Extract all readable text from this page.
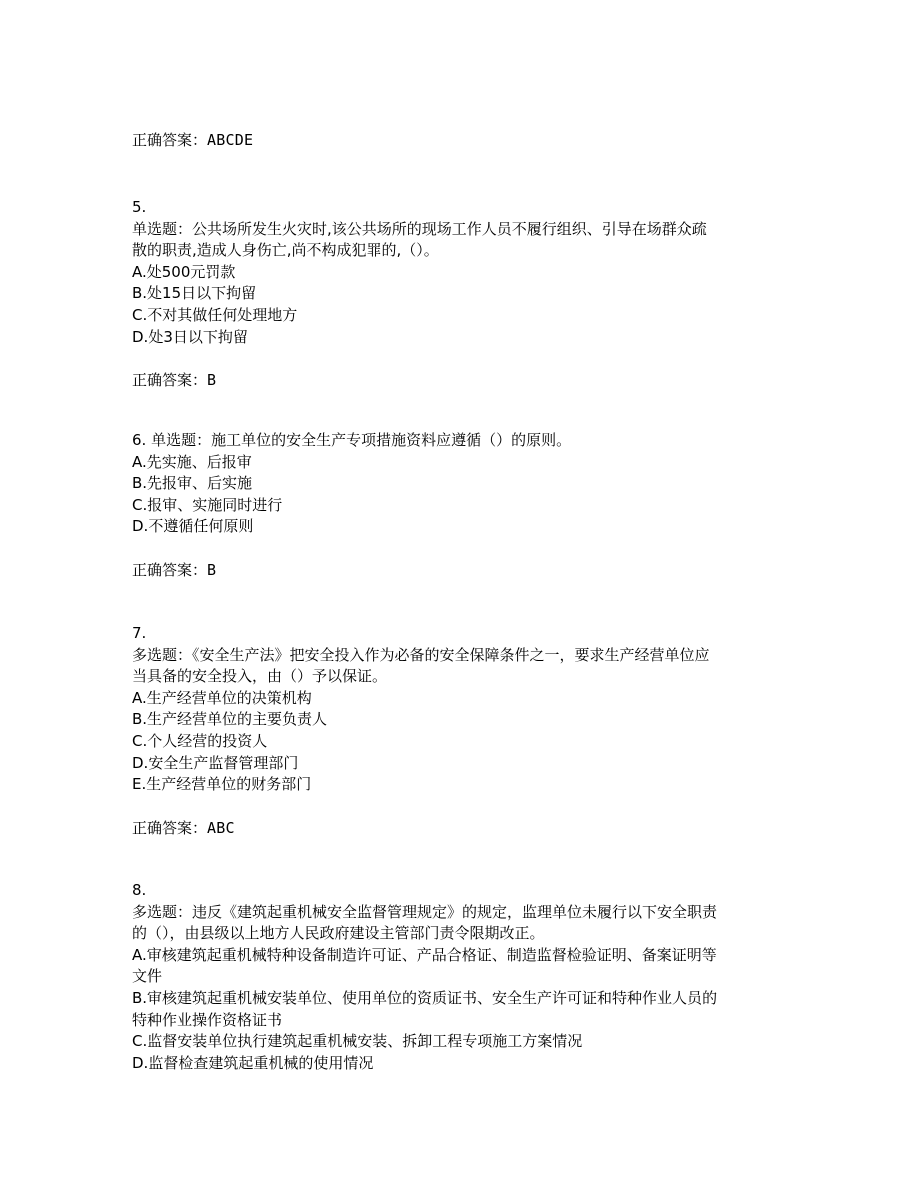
正确答案：ABCDE
5.
单选题：公共场所发生火灾时,该公共场所的现场工作人员不履行组织、引导在场群众疏
散的职责,造成人身伤亡,尚不构成犯罪的,（）。
A.处500元罚款
B.处15日以下拘留
C.不对其做任何处理地方
D.处3日以下拘留
正确答案：B
6. 单选题：施工单位的安全生产专项措施资料应遵循（）的原则。
A.先实施、后报审
B.先报审、后实施
C.报审、实施同时进行
D.不遵循任何原则
正确答案：B
7.
多选题：《安全生产法》把安全投入作为必备的安全保障条件之一，要求生产经营单位应
当具备的安全投入，由（）予以保证。
A.生产经营单位的决策机构
B.生产经营单位的主要负责人
C.个人经营的投资人
D.安全生产监督管理部门
E.生产经营单位的财务部门
正确答案：ABC
8.
多选题：违反《建筑起重机械安全监督管理规定》的规定，监理单位未履行以下安全职责
的（），由县级以上地方人民政府建设主管部门责令限期改正。
A.审核建筑起重机械特种设备制造许可证、产品合格证、制造监督检验证明、备案证明等
文件
B.审核建筑起重机械安装单位、使用单位的资质证书、安全生产许可证和特种作业人员的
特种作业操作资格证书
C.监督安装单位执行建筑起重机械安装、拆卸工程专项施工方案情况
D.监督检查建筑起重机械的使用情况
